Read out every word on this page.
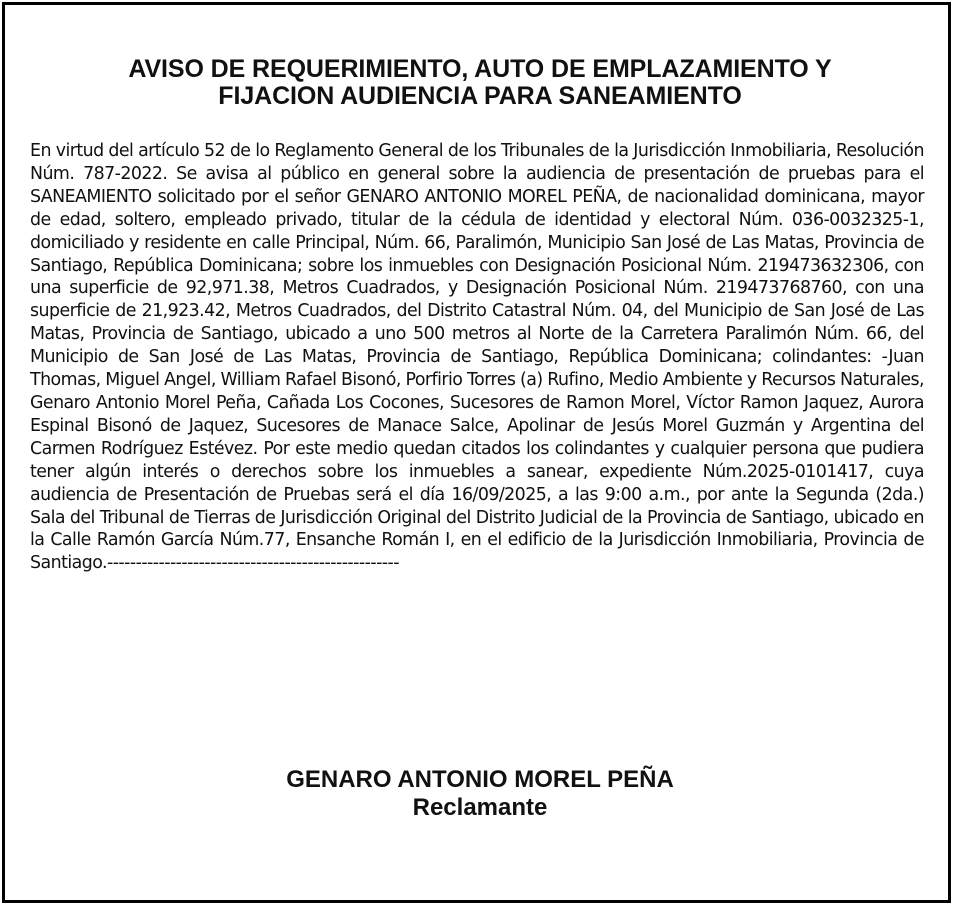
AVISO DE REQUERIMIENTO, AUTO DE EMPLAZAMIENTO Y
FIJACION AUDIENCIA PARA SANEAMIENTO

En virtud del artículo 52 de lo Reglamento General de los Tribunales de la Jurisdicción Inmobiliaria, Resolución Núm. 787-2022. Se avisa al público en general sobre la audiencia de presentación de pruebas para el SANEAMIENTO solicitado por el señor GENARO ANTONIO MOREL PEÑA, de nacionalidad dominicana, mayor de edad, soltero, empleado privado, titular de la cédula de identidad y electoral Núm. 036-0032325-1, domiciliado y residente en calle Principal, Núm. 66, Paralimón, Municipio San José de Las Matas, Provincia de Santiago, República Dominicana; sobre los inmuebles con Designación Posicional Núm. 219473632306, con una superficie de 92,971.38, Metros Cuadrados, y Designación Posicional Núm. 219473768760, con una superficie de 21,923.42, Metros Cuadrados, del Distrito Catastral Núm. 04, del Municipio de San José de Las Matas, Provincia de Santiago, ubicado a uno 500 metros al Norte de la Carretera Paralimón Núm. 66, del Municipio de San José de Las Matas, Provincia de Santiago, República Dominicana; colindantes: -Juan Thomas, Miguel Angel, William Rafael Bisonó, Porfirio Torres (a) Rufino, Medio Ambiente y Recursos Naturales, Genaro Antonio Morel Peña, Cañada Los Cocones, Sucesores de Ramon Morel, Víctor Ramon Jaquez, Aurora Espinal Bisonó de Jaquez, Sucesores de Manace Salce, Apolinar de Jesús Morel Guzmán y Argentina del Carmen Rodríguez Estévez. Por este medio quedan citados los colindantes y cualquier persona que pudiera tener algún interés o derechos sobre los inmuebles a sanear, expediente Núm.2025-0101417, cuya audiencia de Presentación de Pruebas será el día 16/09/2025, a las 9:00 a.m., por ante la Segunda (2da.) Sala del Tribunal de Tierras de Jurisdicción Original del Distrito Judicial de la Provincia de Santiago, ubicado en la Calle Ramón García Núm.77, Ensanche Román I, en el edificio de la Jurisdicción Inmobiliaria, Provincia de Santiago.---------------------------------------------------

GENARO ANTONIO MOREL PEÑA
Reclamante
